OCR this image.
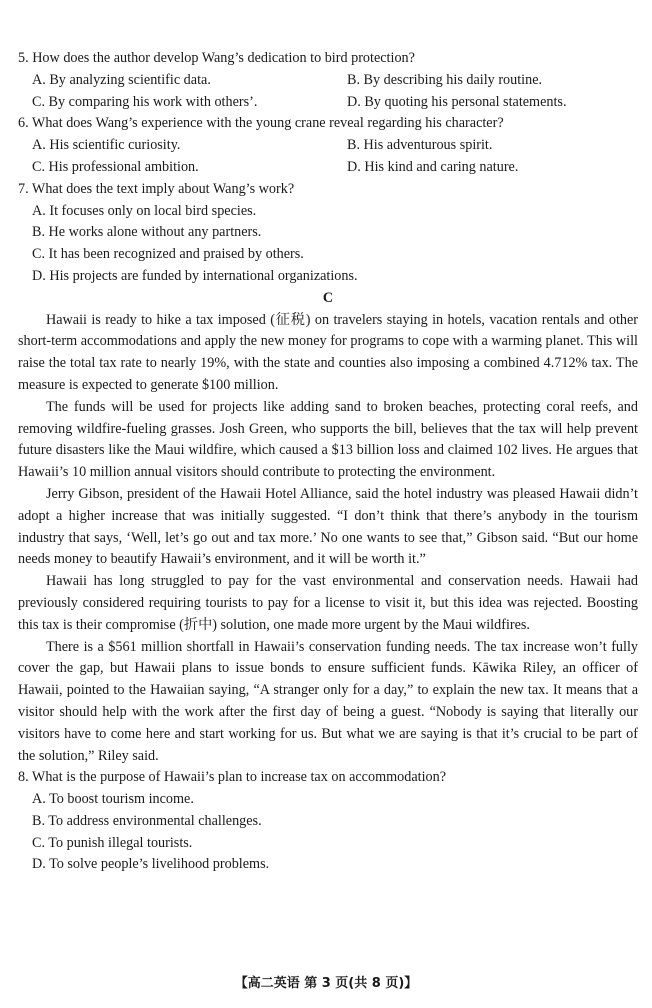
5. How does the author develop Wang’s dedication to bird protection?

A. By analyzing scientific data.	B. By describing his daily routine.
C. By comparing his work with others’.	D. By quoting his personal statements.

6. What does Wang’s experience with the young crane reveal regarding his character?

A. His scientific curiosity.	B. His adventurous spirit.
C. His professional ambition.	D. His kind and caring nature.

7. What does the text imply about Wang’s work?

A. It focuses only on local bird species.
B. He works alone without any partners.
C. It has been recognized and praised by others.
D. His projects are funded by international organizations.

C

Hawaii is ready to hike a tax imposed (征税) on travelers staying in hotels, vacation rentals and other short-term accommodations and apply the new money for programs to cope with a warming planet. This will raise the total tax rate to nearly 19%, with the state and counties also imposing a combined 4.712% tax. The measure is expected to generate $100 million.

The funds will be used for projects like adding sand to broken beaches, protecting coral reefs, and removing wildfire-fueling grasses. Josh Green, who supports the bill, believes that the tax will help prevent future disasters like the Maui wildfire, which caused a $13 billion loss and claimed 102 lives. He argues that Hawaii’s 10 million annual visitors should contribute to protecting the environment.

Jerry Gibson, president of the Hawaii Hotel Alliance, said the hotel industry was pleased Hawaii didn’t adopt a higher increase that was initially suggested. “I don’t think that there’s anybody in the tourism industry that says, ‘Well, let’s go out and tax more.’ No one wants to see that,” Gibson said. “But our home needs money to beautify Hawaii’s environment, and it will be worth it.”

Hawaii has long struggled to pay for the vast environmental and conservation needs. Hawaii had previously considered requiring tourists to pay for a license to visit it, but this idea was rejected. Boosting this tax is their compromise (折中) solution, one made more urgent by the Maui wildfires.

There is a $561 million shortfall in Hawaii’s conservation funding needs. The tax increase won’t fully cover the gap, but Hawaii plans to issue bonds to ensure sufficient funds. Kāwika Riley, an officer of Hawaii, pointed to the Hawaiian saying, “A stranger only for a day,” to explain the new tax. It means that a visitor should help with the work after the first day of being a guest. “Nobody is saying that literally our visitors have to come here and start working for us. But what we are saying is that it’s crucial to be part of the solution,” Riley said.

8. What is the purpose of Hawaii’s plan to increase tax on accommodation?

A. To boost tourism income.
B. To address environmental challenges.
C. To punish illegal tourists.
D. To solve people’s livelihood problems.
【高二英语 第 3 页(共 8 页)】
